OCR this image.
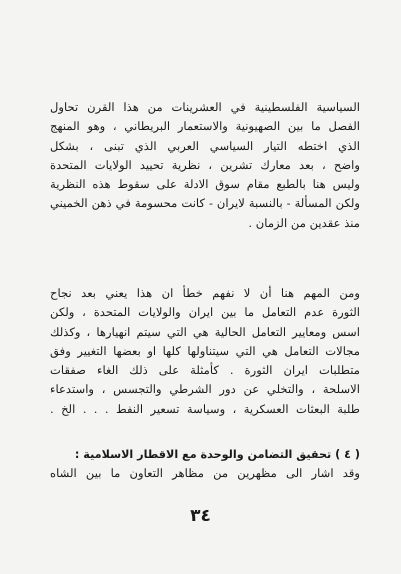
السياسية الفلسطينية في العشرينات من هذا القرن تحاول
الفصل ما بين الصهيونية والاستعمار البريطاني ، وهو المنهج
الذي اختطه التيار السياسي العربي الذي تبنى ، بشكل
واضح ، بعد معارك تشرين ، نظرية تحييد الولايات المتحدة
وليس هنا بالطبع مقام سوق الادلة على سقوط هذه النظرية
ولكن المسألة - بالنسبة لايران - كانت محسومة في ذهن الخميني
منذ عقدين من الزمان .
ومن المهم هنا أن لا نفهم خطأ ان هذا يعني بعد نجاح
الثورة عدم التعامل ما بين ايران والولايات المتحدة ، ولكن
اسس ومعايير التعامل الحالية هي التي سيتم انهيارها ، وكذلك
مجالات التعامل هي التي سيتناولها كلها او بعضها التغيير وفق
متطلبات ايران الثورة . كأمثلة على ذلك الغاء صفقات
الاسلحة ، والتخلي عن دور الشرطي والتجسس ، واستدعاء
طلبة البعثات العسكرية ، وسياسة تسعير النفط . . . الخ .
( ٤ ) تحقيق التضامن والوحدة مع الاقطار الاسلامية :
وقد اشار الى مظهرين من مظاهر التعاون ما بين الشاه
٣٤
